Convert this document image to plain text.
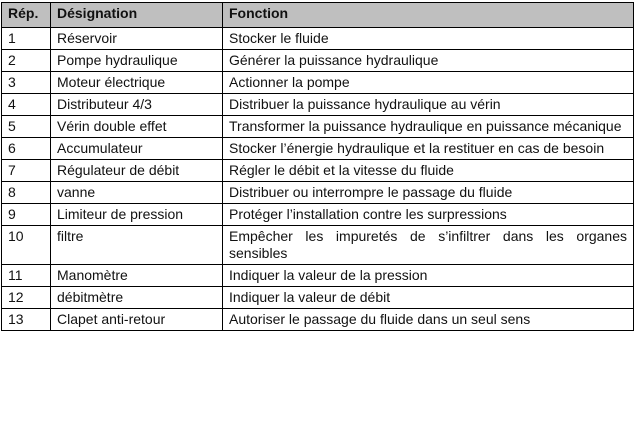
Rép.	Désignation	Fonction
1	Réservoir	Stocker le fluide
2	Pompe hydraulique	Générer la puissance hydraulique
3	Moteur électrique	Actionner la pompe
4	Distributeur 4/3	Distribuer la puissance hydraulique au vérin
5	Vérin double effet	Transformer la puissance hydraulique en puissance mécanique
6	Accumulateur	Stocker l’énergie hydraulique et la restituer en cas de besoin
7	Régulateur de débit	Régler le débit et la vitesse du fluide
8	vanne	Distribuer ou interrompre le passage du fluide
9	Limiteur de pression	Protéger l’installation contre les surpressions
10	filtre	Empêcher les impuretés de s’infiltrer dans les organes sensibles
11	Manomètre	Indiquer la valeur de la pression
12	débitmètre	Indiquer la valeur de débit
13	Clapet anti-retour	Autoriser le passage du fluide dans un seul sens
